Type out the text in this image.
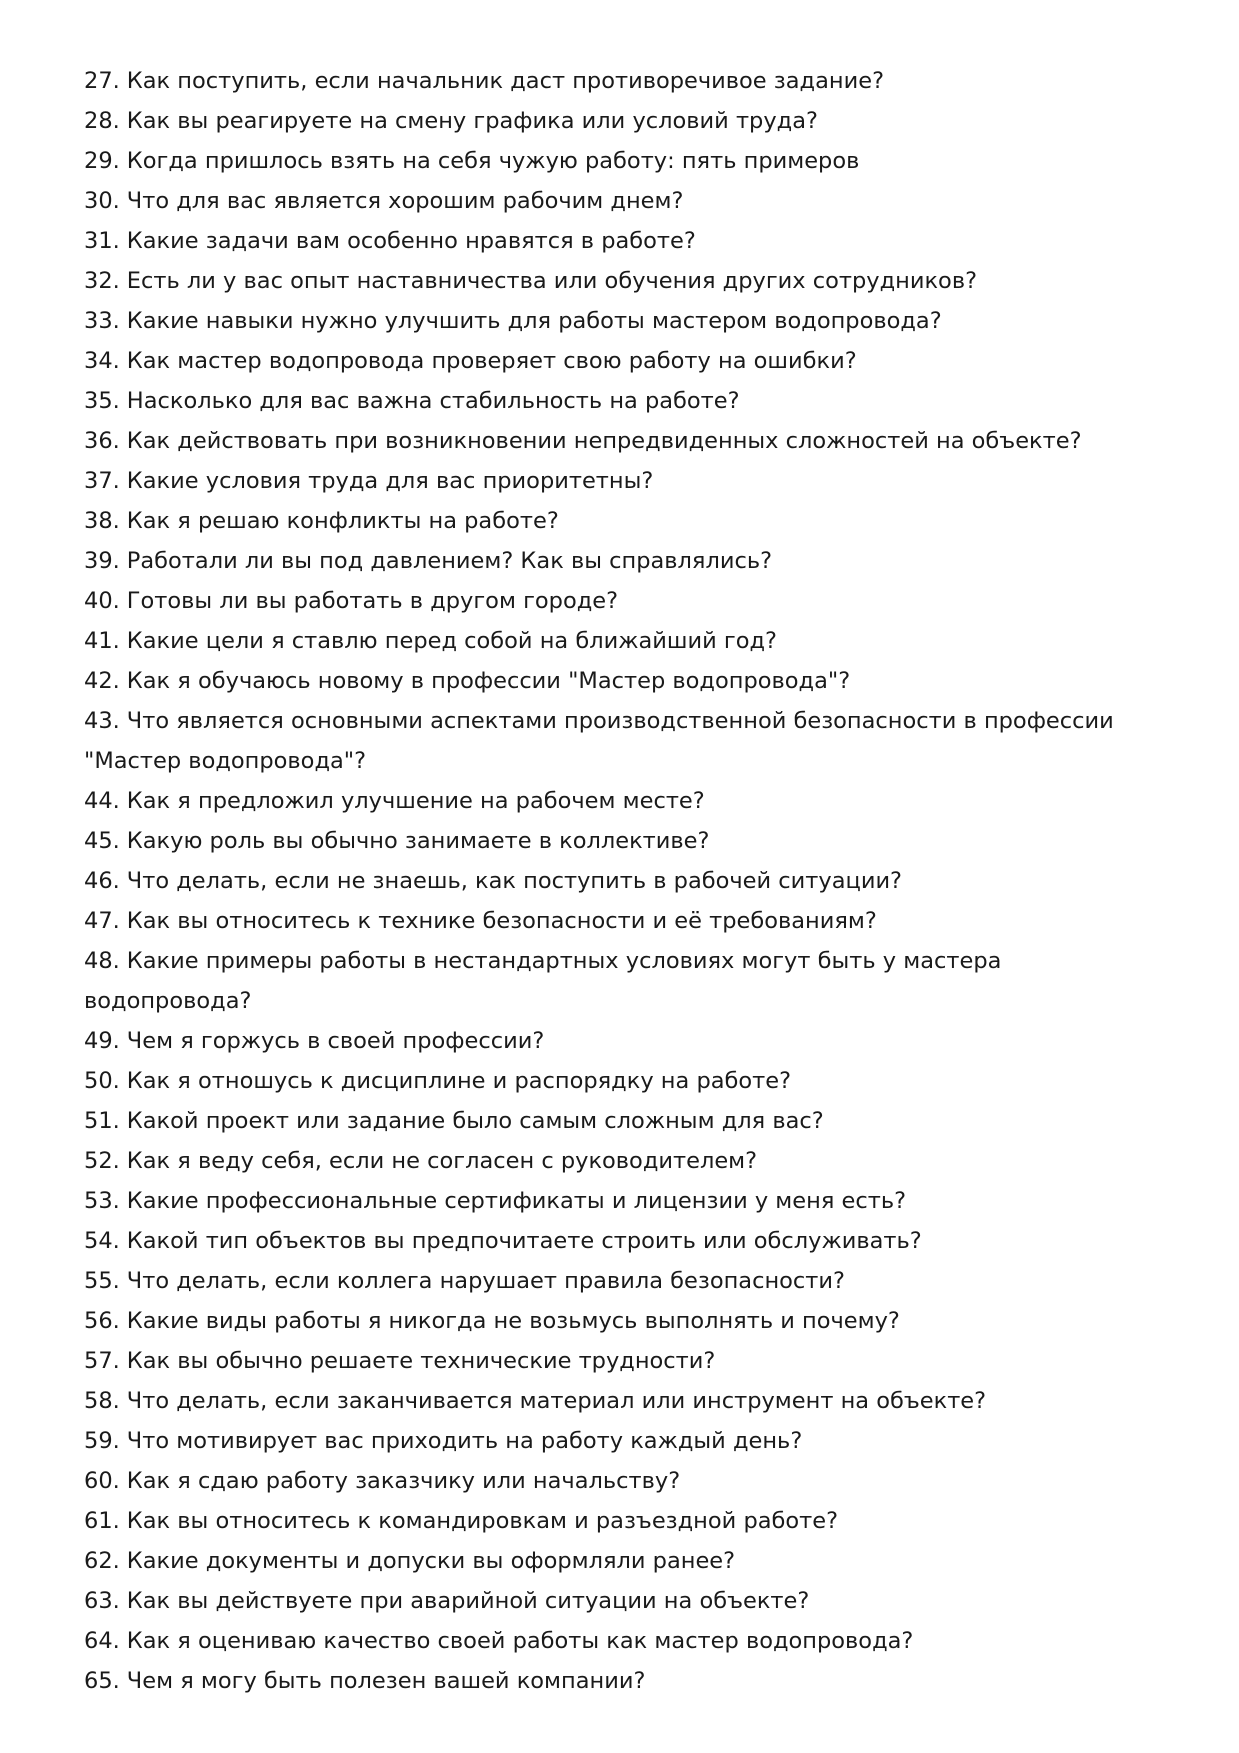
27. Как поступить, если начальник даст противоречивое задание?
28. Как вы реагируете на смену графика или условий труда?
29. Когда пришлось взять на себя чужую работу: пять примеров
30. Что для вас является хорошим рабочим днем?
31. Какие задачи вам особенно нравятся в работе?
32. Есть ли у вас опыт наставничества или обучения других сотрудников?
33. Какие навыки нужно улучшить для работы мастером водопровода?
34. Как мастер водопровода проверяет свою работу на ошибки?
35. Насколько для вас важна стабильность на работе?
36. Как действовать при возникновении непредвиденных сложностей на объекте?
37. Какие условия труда для вас приоритетны?
38. Как я решаю конфликты на работе?
39. Работали ли вы под давлением? Как вы справлялись?
40. Готовы ли вы работать в другом городе?
41. Какие цели я ставлю перед собой на ближайший год?
42. Как я обучаюсь новому в профессии "Мастер водопровода"?
43. Что является основными аспектами производственной безопасности в профессии "Мастер водопровода"?
44. Как я предложил улучшение на рабочем месте?
45. Какую роль вы обычно занимаете в коллективе?
46. Что делать, если не знаешь, как поступить в рабочей ситуации?
47. Как вы относитесь к технике безопасности и её требованиям?
48. Какие примеры работы в нестандартных условиях могут быть у мастера водопровода?
49. Чем я горжусь в своей профессии?
50. Как я отношусь к дисциплине и распорядку на работе?
51. Какой проект или задание было самым сложным для вас?
52. Как я веду себя, если не согласен с руководителем?
53. Какие профессиональные сертификаты и лицензии у меня есть?
54. Какой тип объектов вы предпочитаете строить или обслуживать?
55. Что делать, если коллега нарушает правила безопасности?
56. Какие виды работы я никогда не возьмусь выполнять и почему?
57. Как вы обычно решаете технические трудности?
58. Что делать, если заканчивается материал или инструмент на объекте?
59. Что мотивирует вас приходить на работу каждый день?
60. Как я сдаю работу заказчику или начальству?
61. Как вы относитесь к командировкам и разъездной работе?
62. Какие документы и допуски вы оформляли ранее?
63. Как вы действуете при аварийной ситуации на объекте?
64. Как я оцениваю качество своей работы как мастер водопровода?
65. Чем я могу быть полезен вашей компании?
